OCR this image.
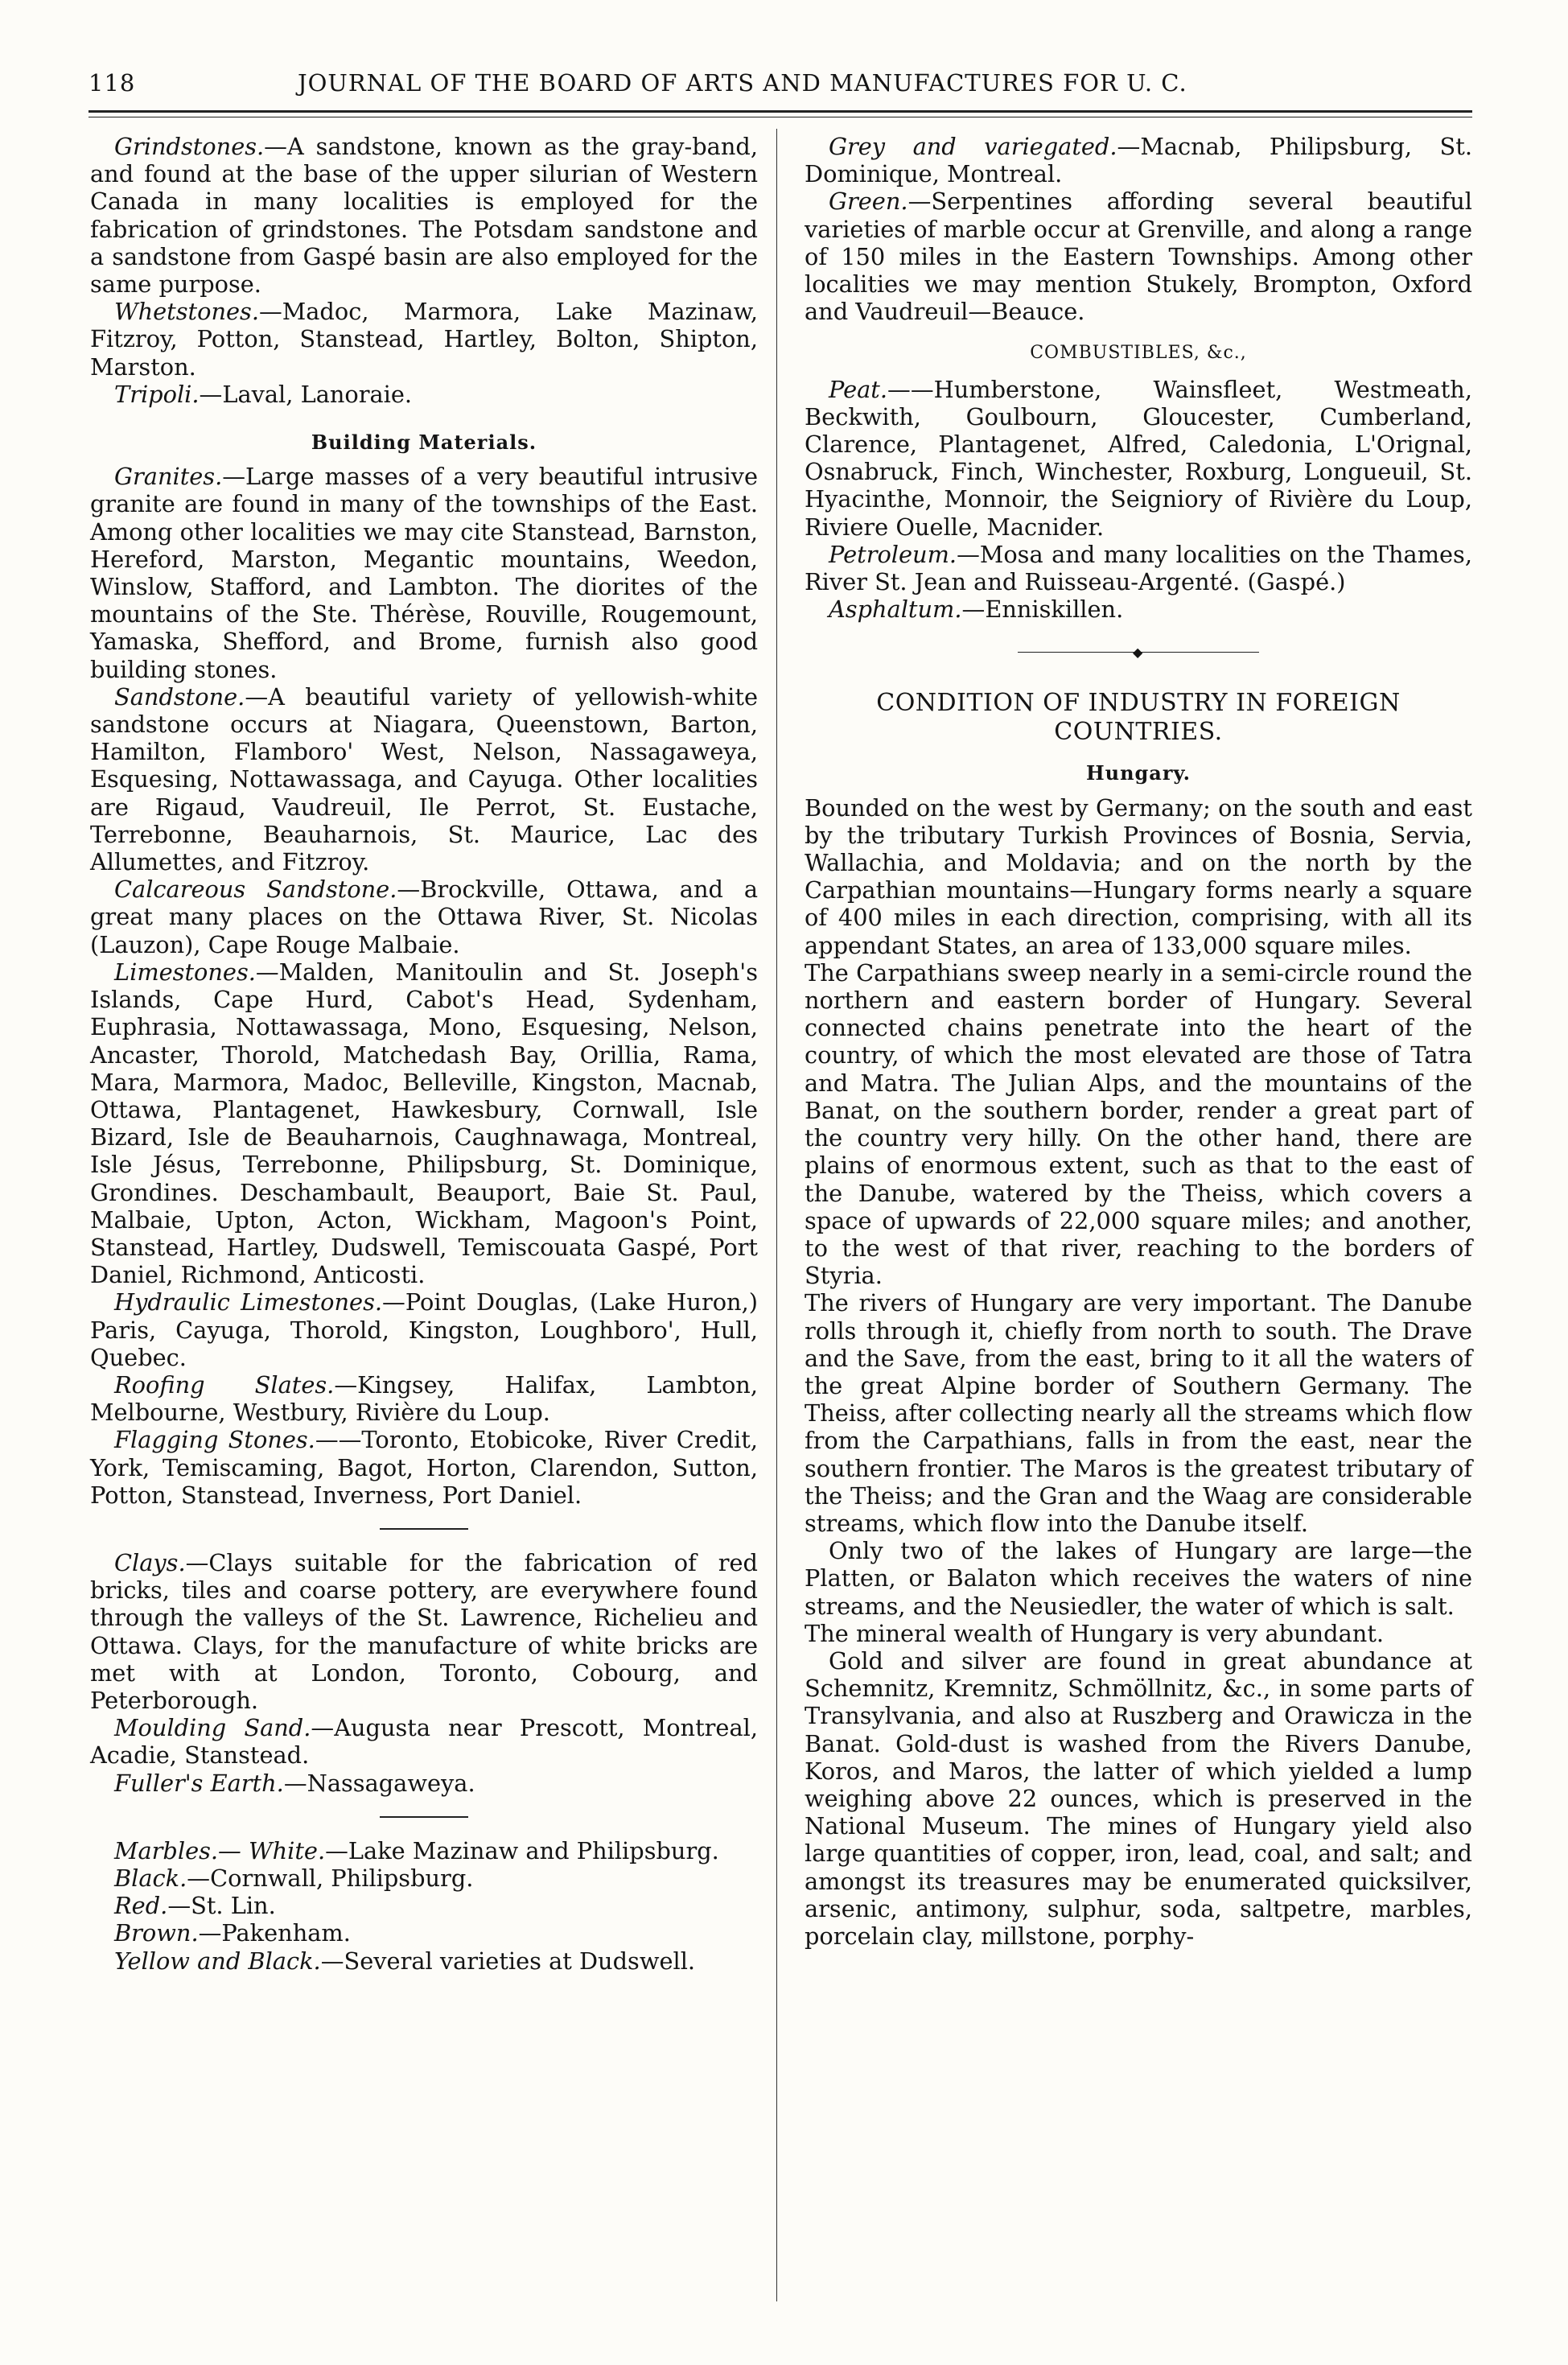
118	JOURNAL OF THE BOARD OF ARTS AND MANUFACTURES FOR U. C.

Grindstones.—A sandstone, known as the gray-band, and found at the base of the upper silurian of Western Canada in many localities is employed for the fabrication of grindstones. The Potsdam sandstone and a sandstone from Gaspé basin are also employed for the same purpose.

Whetstones.—Madoc, Marmora, Lake Mazinaw, Fitzroy, Potton, Stanstead, Hartley, Bolton, Shipton, Marston.

Tripoli.—Laval, Lanoraie.

Building Materials.

Granites.—Large masses of a very beautiful intrusive granite are found in many of the townships of the East. Among other localities we may cite Stanstead, Barnston, Hereford, Marston, Megantic mountains, Weedon, Winslow, Stafford, and Lambton. The diorites of the mountains of the Ste. Thérèse, Rouville, Rougemount, Yamaska, Shefford, and Brome, furnish also good building stones.

Sandstone.—A beautiful variety of yellowish-white sandstone occurs at Niagara, Queenstown, Barton, Hamilton, Flamboro' West, Nelson, Nassagaweya, Esquesing, Nottawassaga, and Cayuga. Other localities are Rigaud, Vaudreuil, Ile Perrot, St. Eustache, Terrebonne, Beauharnois, St. Maurice, Lac des Allumettes, and Fitzroy.

Calcareous Sandstone.—Brockville, Ottawa, and a great many places on the Ottawa River, St. Nicolas (Lauzon), Cape Rouge Malbaie.

Limestones.—Malden, Manitoulin and St. Joseph's Islands, Cape Hurd, Cabot's Head, Sydenham, Euphrasia, Nottawassaga, Mono, Esquesing, Nelson, Ancaster, Thorold, Matchedash Bay, Orillia, Rama, Mara, Marmora, Madoc, Belleville, Kingston, Macnab, Ottawa, Plantagenet, Hawkesbury, Cornwall, Isle Bizard, Isle de Beauharnois, Caughnawaga, Montreal, Isle Jésus, Terrebonne, Philipsburg, St. Dominique, Grondines. Deschambault, Beauport, Baie St. Paul, Malbaie, Upton, Acton, Wickham, Magoon's Point, Stanstead, Hartley, Dudswell, Temiscouata Gaspé, Port Daniel, Richmond, Anticosti.

Hydraulic Limestones.—Point Douglas, (Lake Huron,) Paris, Cayuga, Thorold, Kingston, Loughboro', Hull, Quebec.

Roofing Slates.—Kingsey, Halifax, Lambton, Melbourne, Westbury, Rivière du Loup.

Flagging Stones.——Toronto, Etobicoke, River Credit, York, Temiscaming, Bagot, Horton, Clarendon, Sutton, Potton, Stanstead, Inverness, Port Daniel.

Clays.—Clays suitable for the fabrication of red bricks, tiles and coarse pottery, are everywhere found through the valleys of the St. Lawrence, Richelieu and Ottawa. Clays, for the manufacture of white bricks are met with at London, Toronto, Cobourg, and Peterborough.

Moulding Sand.—Augusta near Prescott, Montreal, Acadie, Stanstead.

Fuller's Earth.—Nassagaweya.

Marbles.— White.—Lake Mazinaw and Philipsburg.

Black.—Cornwall, Philipsburg.

Red.—St. Lin.

Brown.—Pakenham.

Yellow and Black.—Several varieties at Dudswell.

Grey and variegated.—Macnab, Philipsburg, St. Dominique, Montreal.

Green.—Serpentines affording several beautiful varieties of marble occur at Grenville, and along a range of 150 miles in the Eastern Townships. Among other localities we may mention Stukely, Brompton, Oxford and Vaudreuil—Beauce.

COMBUSTIBLES, &c.,

Peat.——Humberstone, Wainsfleet, Westmeath, Beckwith, Goulbourn, Gloucester, Cumberland, Clarence, Plantagenet, Alfred, Caledonia, L'Orignal, Osnabruck, Finch, Winchester, Roxburg, Longueuil, St. Hyacinthe, Monnoir, the Seigniory of Rivière du Loup, Riviere Ouelle, Macnider.

Petroleum.—Mosa and many localities on the Thames, River St. Jean and Ruisseau-Argenté. (Gaspé.)

Asphaltum.—Enniskillen.

◆
CONDITION OF INDUSTRY IN FOREIGN
COUNTRIES.
Hungary.

Bounded on the west by Germany; on the south and east by the tributary Turkish Provinces of Bosnia, Servia, Wallachia, and Moldavia; and on the north by the Carpathian mountains—Hungary forms nearly a square of 400 miles in each direction, comprising, with all its appendant States, an area of 133,000 square miles.

The Carpathians sweep nearly in a semi-circle round the northern and eastern border of Hungary. Several connected chains penetrate into the heart of the country, of which the most elevated are those of Tatra and Matra. The Julian Alps, and the mountains of the Banat, on the southern border, render a great part of the country very hilly. On the other hand, there are plains of enormous extent, such as that to the east of the Danube, watered by the Theiss, which covers a space of upwards of 22,000 square miles; and another, to the west of that river, reaching to the borders of Styria.

The rivers of Hungary are very important. The Danube rolls through it, chiefly from north to south. The Drave and the Save, from the east, bring to it all the waters of the great Alpine border of Southern Germany. The Theiss, after collecting nearly all the streams which flow from the Carpathians, falls in from the east, near the southern frontier. The Maros is the greatest tributary of the Theiss; and the Gran and the Waag are considerable streams, which flow into the Danube itself.

Only two of the lakes of Hungary are large—the Platten, or Balaton which receives the waters of nine streams, and the Neusiedler, the water of which is salt.

The mineral wealth of Hungary is very abundant.

Gold and silver are found in great abundance at Schemnitz, Kremnitz, Schmöllnitz, &c., in some parts of Transylvania, and also at Ruszberg and Orawicza in the Banat. Gold-dust is washed from the Rivers Danube, Koros, and Maros, the latter of which yielded a lump weighing above 22 ounces, which is preserved in the National Museum. The mines of Hungary yield also large quantities of copper, iron, lead, coal, and salt; and amongst its treasures may be enumerated quicksilver, arsenic, antimony, sulphur, soda, saltpetre, marbles, porcelain clay, millstone, porphy-
